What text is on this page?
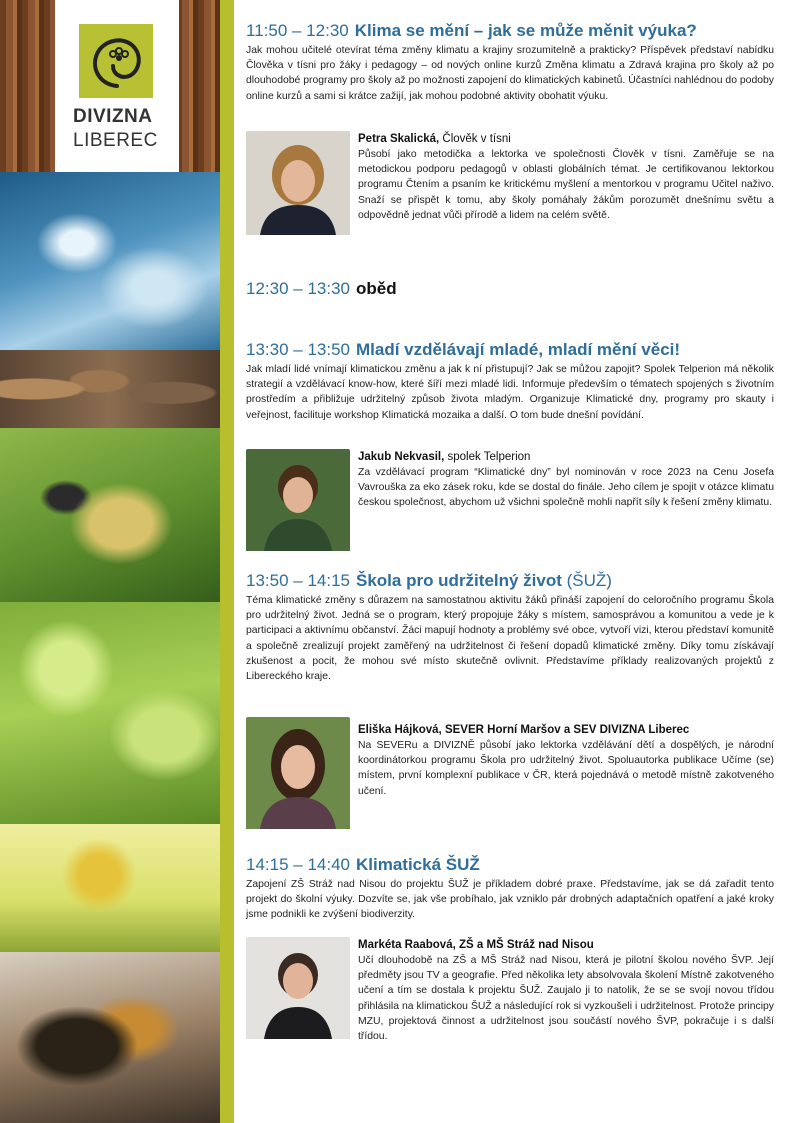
DIVIZNA
LIBEREC
11:50 – 12:30 Klima se mění – jak se může měnit výuka?
Jak mohou učitelé otevírat téma změny klimatu a krajiny srozumitelně a prakticky? Příspěvek představí nabídku Člověka v tísni pro žáky i pedagogy – od nových online kurzů Změna klimatu a Zdravá krajina pro školy až po dlouhodobé programy pro školy až po možnosti zapojení do klimatických kabinetů. Účastníci nahlédnou do podoby online kurzů a sami si krátce zažijí, jak mohou podobné aktivity obohatit výuku.
Petra Skalická, Člověk v tísni
Působí jako metodička a lektorka ve společnosti Člověk v tísni. Zaměřuje se na metodickou podporu pedagogů v oblasti globálních témat. Je certifikovanou lektorkou programu Čtením a psaním ke kritickému myšlení a mentorkou v programu Učitel naživo. Snaží se přispět k tomu, aby školy pomáhaly žákům porozumět dnešnímu světu a odpovědně jednat vůči přírodě a lidem na celém světě.
12:30 – 13:30 oběd
13:30 – 13:50 Mladí vzdělávají mladé, mladí mění věci!
Jak mladí lidé vnímají klimatickou změnu a jak k ní přistupují? Jak se můžou zapojit? Spolek Telperion má několik strategií a vzdělávací know-how, které šíří mezi mladé lidi. Informuje především o tématech spojených s životním prostředím a přibližuje udržitelný způsob života mladým. Organizuje Klimatické dny, programy pro skauty i veřejnost, facilituje workshop Klimatická mozaika a další. O tom bude dnešní povídání.
Jakub Nekvasil, spolek Telperion
Za vzdělávací program “Klimatické dny” byl nominován v roce 2023 na Cenu Josefa Vavrouška za eko zásek roku, kde se dostal do finále. Jeho cílem je spojit v otázce klimatu českou společnost, abychom už všichni společně mohli napřít síly k řešení změny klimatu.
13:50 – 14:15 Škola pro udržitelný život (ŠUŽ)
Téma klimatické změny s důrazem na samostatnou aktivitu žáků přináší zapojení do celoročního programu Škola pro udržitelný život. Jedná se o program, který propojuje žáky s místem, samosprávou a komunitou a vede je k participaci a aktivnímu občanství. Žáci mapují hodnoty a problémy své obce, vytvoří vizi, kterou představí komunitě a společně zrealizují projekt zaměřený na udržitelnost či řešení dopadů klimatické změny. Díky tomu získávají zkušenost a pocit, že mohou své místo skutečně ovlivnit. Představíme příklady realizovaných projektů z Libereckého kraje.
Eliška Hájková, SEVER Horní Maršov a SEV DIVIZNA Liberec
Na SEVERu a DIVIZNĚ působí jako lektorka vzdělávání dětí a dospělých, je národní koordinátorkou programu Škola pro udržitelný život. Spoluautorka publikace Učíme (se) místem, první komplexní publikace v ČR, která pojednává o metodě místně zakotveného učení.
14:15 – 14:40 Klimatická ŠUŽ
Zapojení ZŠ Stráž nad Nisou do projektu ŠUŽ je příkladem dobré praxe. Představíme, jak se dá zařadit tento projekt do školní výuky. Dozvíte se, jak vše probíhalo, jak vzniklo pár drobných adaptačních opatření a jaké kroky jsme podnikli ke zvýšení biodiverzity.
Markéta Raabová, ZŠ a MŠ Stráž nad Nisou
Učí dlouhodobě na ZŠ a MŠ Stráž nad Nisou, která je pilotní školou nového ŠVP. Její předměty jsou TV a geografie. Před několika lety absolvovala školení Místně zakotveného učení a tím se dostala k projektu ŠUŽ. Zaujalo ji to natolik, že se se svojí novou třídou přihlásila na klimatickou ŠUŽ a následující rok si vyzkoušeli i udržitelnost. Protože principy MZU, projektová činnost a udržitelnost jsou součástí nového ŠVP, pokračuje i s další třídou.
